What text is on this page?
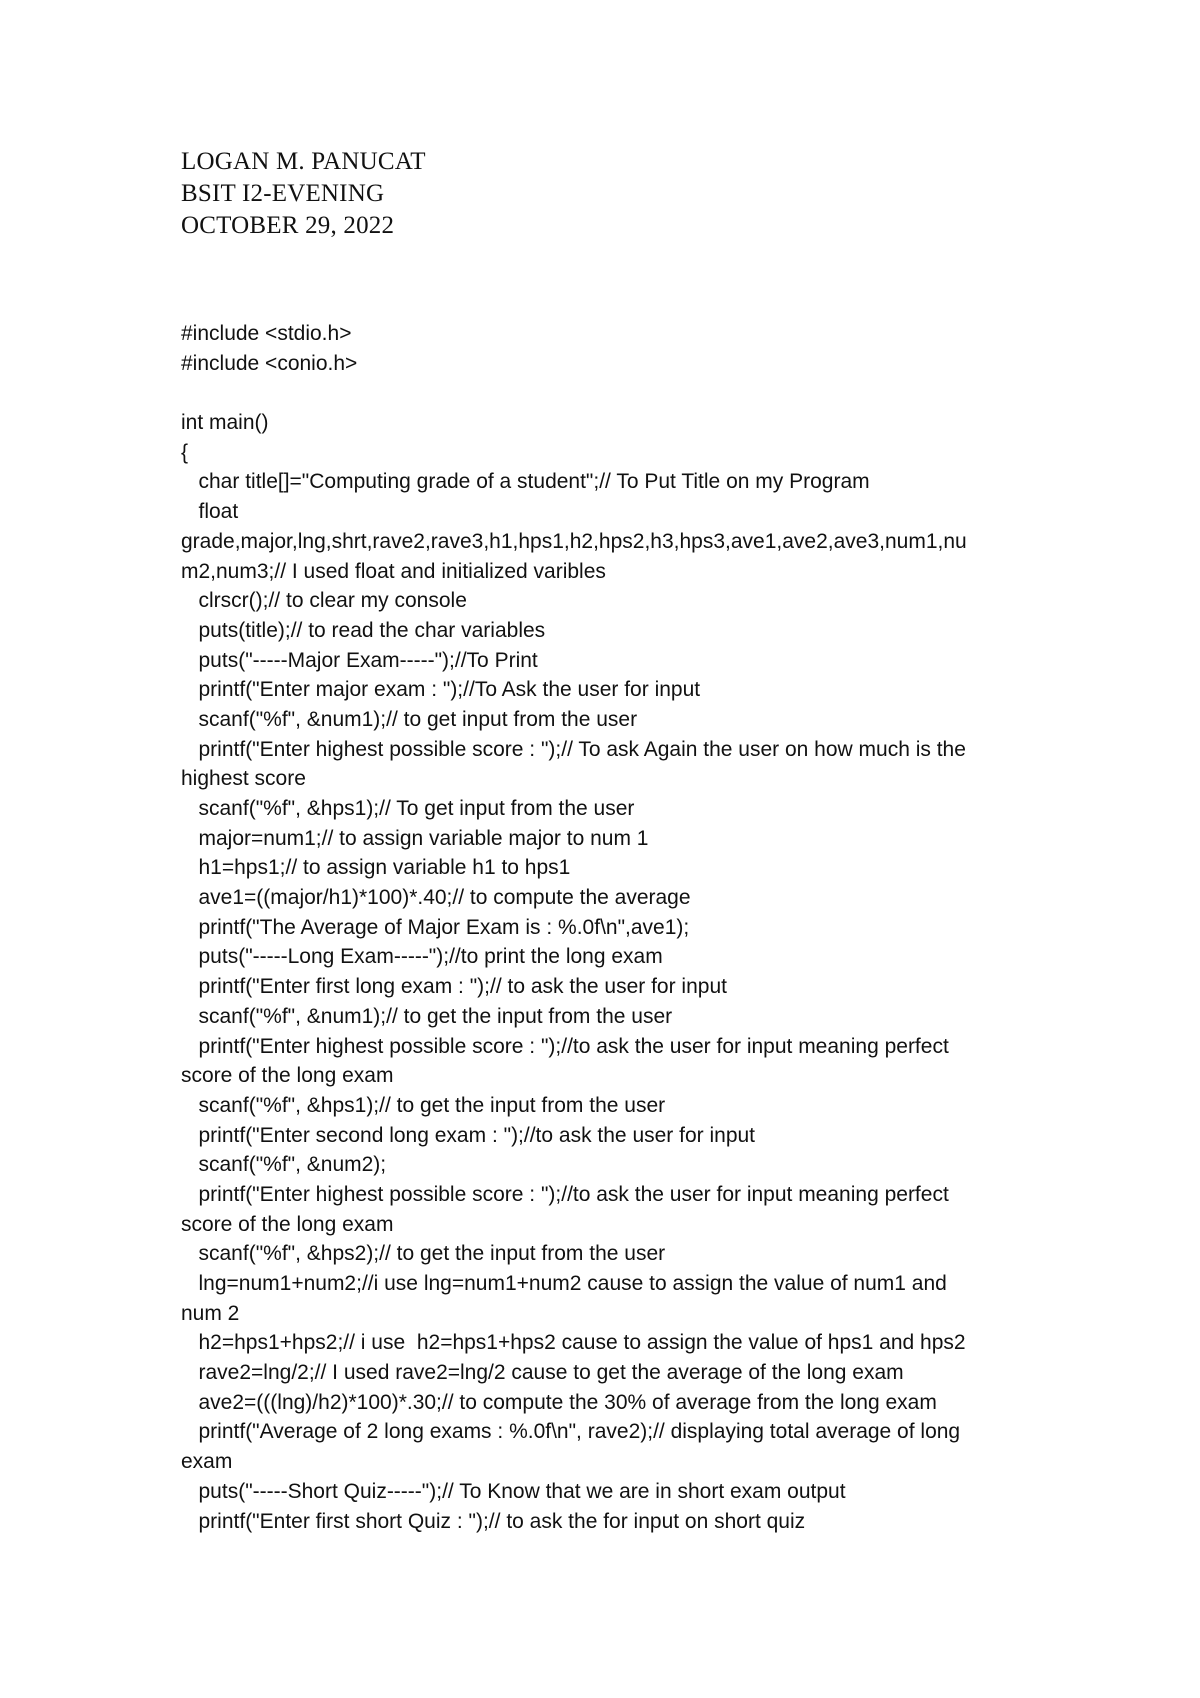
LOGAN M. PANUCAT
BSIT I2-EVENING
OCTOBER 29, 2022
#include <stdio.h>
#include <conio.h>
int main()
{
char title[]="Computing grade of a student";// To Put Title on my Program
float
grade,major,lng,shrt,rave2,rave3,h1,hps1,h2,hps2,h3,hps3,ave1,ave2,ave3,num1,nu
m2,num3;// I used float and initialized varibles
clrscr();// to clear my console
puts(title);// to read the char variables
puts("-----Major Exam-----");//To Print
printf("Enter major exam : ");//To Ask the user for input
scanf("%f", &num1);// to get input from the user
printf("Enter highest possible score : ");// To ask Again the user on how much is the
highest score
scanf("%f", &hps1);// To get input from the user
major=num1;// to assign variable major to num 1
h1=hps1;// to assign variable h1 to hps1
ave1=((major/h1)*100)*.40;// to compute the average
printf("The Average of Major Exam is : %.0f\n",ave1);
puts("-----Long Exam-----");//to print the long exam
printf("Enter first long exam : ");// to ask the user for input
scanf("%f", &num1);// to get the input from the user
printf("Enter highest possible score : ");//to ask the user for input meaning perfect
score of the long exam
scanf("%f", &hps1);// to get the input from the user
printf("Enter second long exam : ");//to ask the user for input
scanf("%f", &num2);
printf("Enter highest possible score : ");//to ask the user for input meaning perfect
score of the long exam
scanf("%f", &hps2);// to get the input from the user
lng=num1+num2;//i use lng=num1+num2 cause to assign the value of num1 and
num 2
h2=hps1+hps2;// i use  h2=hps1+hps2 cause to assign the value of hps1 and hps2
rave2=lng/2;// I used rave2=lng/2 cause to get the average of the long exam
ave2=(((lng)/h2)*100)*.30;// to compute the 30% of average from the long exam
printf("Average of 2 long exams : %.0f\n", rave2);// displaying total average of long
exam
puts("-----Short Quiz-----");// To Know that we are in short exam output
printf("Enter first short Quiz : ");// to ask the for input on short quiz
